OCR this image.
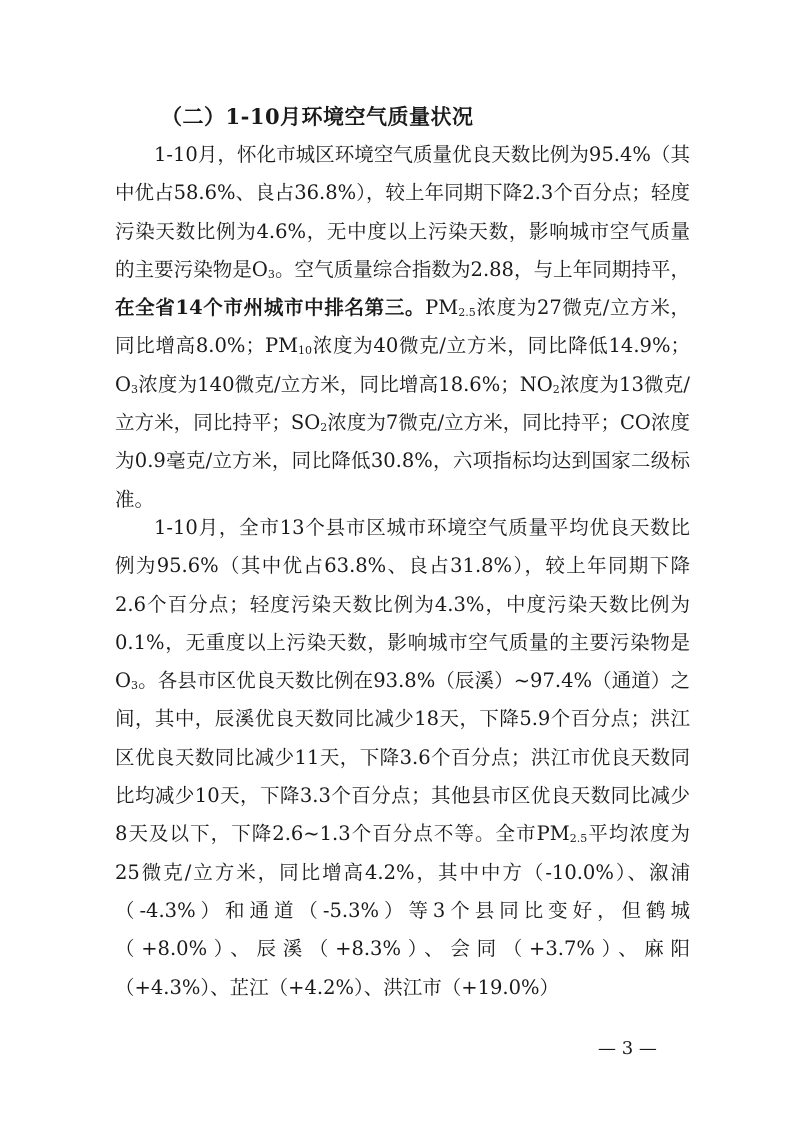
（二）1-10月环境空气质量状况

1-10月，怀化市城区环境空气质量优良天数比例为95.4%（其中优占58.6%、良占36.8%），较上年同期下降2.3个百分点；轻度污染天数比例为4.6%，无中度以上污染天数，影响城市空气质量的主要污染物是$O_3$。空气质量综合指数为2.88，与上年同期持平，在全省14个市州城市中排名第三。$PM_{2.5}$浓度为27微克/立方米，同比增高8.0%；$PM_{10}$浓度为40微克/立方米，同比降低14.9%；$O_3$浓度为140微克/立方米，同比增高18.6%；$NO_2$浓度为13微克/立方米，同比持平；$SO_2$浓度为7微克/立方米，同比持平；CO浓度为0.9毫克/立方米，同比降低30.8%，六项指标均达到国家二级标准。

1-10月，全市13个县市区城市环境空气质量平均优良天数比例为95.6%（其中优占63.8%、良占31.8%），较上年同期下降2.6个百分点；轻度污染天数比例为4.3%，中度污染天数比例为0.1%，无重度以上污染天数，影响城市空气质量的主要污染物是$O_3$。各县市区优良天数比例在93.8%（辰溪）~97.4%（通道）之间，其中，辰溪优良天数同比减少18天，下降5.9个百分点；洪江区优良天数同比减少11天，下降3.6个百分点；洪江市优良天数同比均减少10天，下降3.3个百分点；其他县市区优良天数同比减少8天及以下，下降2.6~1.3个百分点不等。全市$PM_{2.5}$平均浓度为25微克/立方米，同比增高4.2%，其中中方（-10.0%）、溆浦（-4.3%）和通道（-5.3%）等3个县同比变好，但鹤城（+8.0%）、辰溪（+8.3%）、会同（+3.7%）、麻阳（+4.3%）、芷江（+4.2%）、洪江市（+19.0%）

— 3 —
